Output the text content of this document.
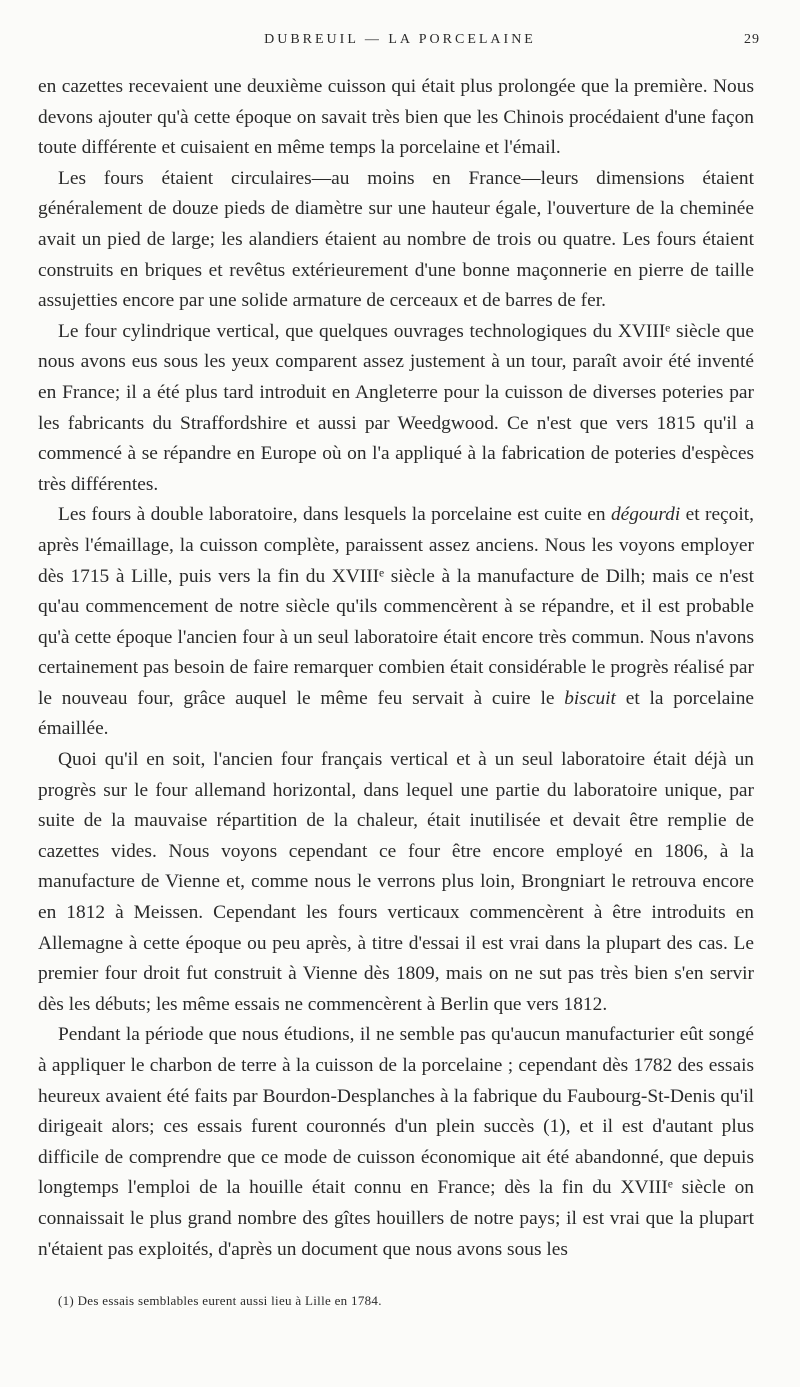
DUBREUIL — LA PORCELAINE	29

en cazettes recevaient une deuxième cuisson qui était plus prolongée que la première. Nous devons ajouter qu'à cette époque on savait très bien que les Chinois procédaient d'une façon toute différente et cuisaient en même temps la porcelaine et l'émail.

Les fours étaient circulaires—au moins en France—leurs dimensions étaient généralement de douze pieds de diamètre sur une hauteur égale, l'ouverture de la cheminée avait un pied de large; les alandiers étaient au nombre de trois ou quatre. Les fours étaient construits en briques et revêtus extérieurement d'une bonne maçonnerie en pierre de taille assujetties encore par une solide armature de cerceaux et de barres de fer.

Le four cylindrique vertical, que quelques ouvrages technologiques du XVIIIᵉ siècle que nous avons eus sous les yeux comparent assez justement à un tour, paraît avoir été inventé en France; il a été plus tard introduit en Angleterre pour la cuisson de diverses poteries par les fabricants du Straffordshire et aussi par Weedgwood. Ce n'est que vers 1815 qu'il a commencé à se répandre en Europe où on l'a appliqué à la fabrication de poteries d'espèces très différentes.

Les fours à double laboratoire, dans lesquels la porcelaine est cuite en dégourdi et reçoit, après l'émaillage, la cuisson complète, paraissent assez anciens. Nous les voyons employer dès 1715 à Lille, puis vers la fin du XVIIIᵉ siècle à la manufacture de Dilh; mais ce n'est qu'au commencement de notre siècle qu'ils commencèrent à se répandre, et il est probable qu'à cette époque l'ancien four à un seul laboratoire était encore très commun. Nous n'avons certainement pas besoin de faire remarquer combien était considérable le progrès réalisé par le nouveau four, grâce auquel le même feu servait à cuire le biscuit et la porcelaine émaillée.

Quoi qu'il en soit, l'ancien four français vertical et à un seul laboratoire était déjà un progrès sur le four allemand horizontal, dans lequel une partie du laboratoire unique, par suite de la mauvaise répartition de la chaleur, était inutilisée et devait être remplie de cazettes vides. Nous voyons cependant ce four être encore employé en 1806, à la manufacture de Vienne et, comme nous le verrons plus loin, Brongniart le retrouva encore en 1812 à Meissen. Cependant les fours verticaux commencèrent à être introduits en Allemagne à cette époque ou peu après, à titre d'essai il est vrai dans la plupart des cas. Le premier four droit fut construit à Vienne dès 1809, mais on ne sut pas très bien s'en servir dès les débuts; les même essais ne commencèrent à Berlin que vers 1812.

Pendant la période que nous étudions, il ne semble pas qu'aucun manufacturier eût songé à appliquer le charbon de terre à la cuisson de la porcelaine ; cependant dès 1782 des essais heureux avaient été faits par Bourdon-Desplanches à la fabrique du Faubourg-St-Denis qu'il dirigeait alors; ces essais furent couronnés d'un plein succès (1), et il est d'autant plus difficile de comprendre que ce mode de cuisson économique ait été abandonné, que depuis longtemps l'emploi de la houille était connu en France; dès la fin du XVIIIᵉ siècle on connaissait le plus grand nombre des gîtes houillers de notre pays; il est vrai que la plupart n'étaient pas exploités, d'après un document que nous avons sous les

(1) Des essais semblables eurent aussi lieu à Lille en 1784.
